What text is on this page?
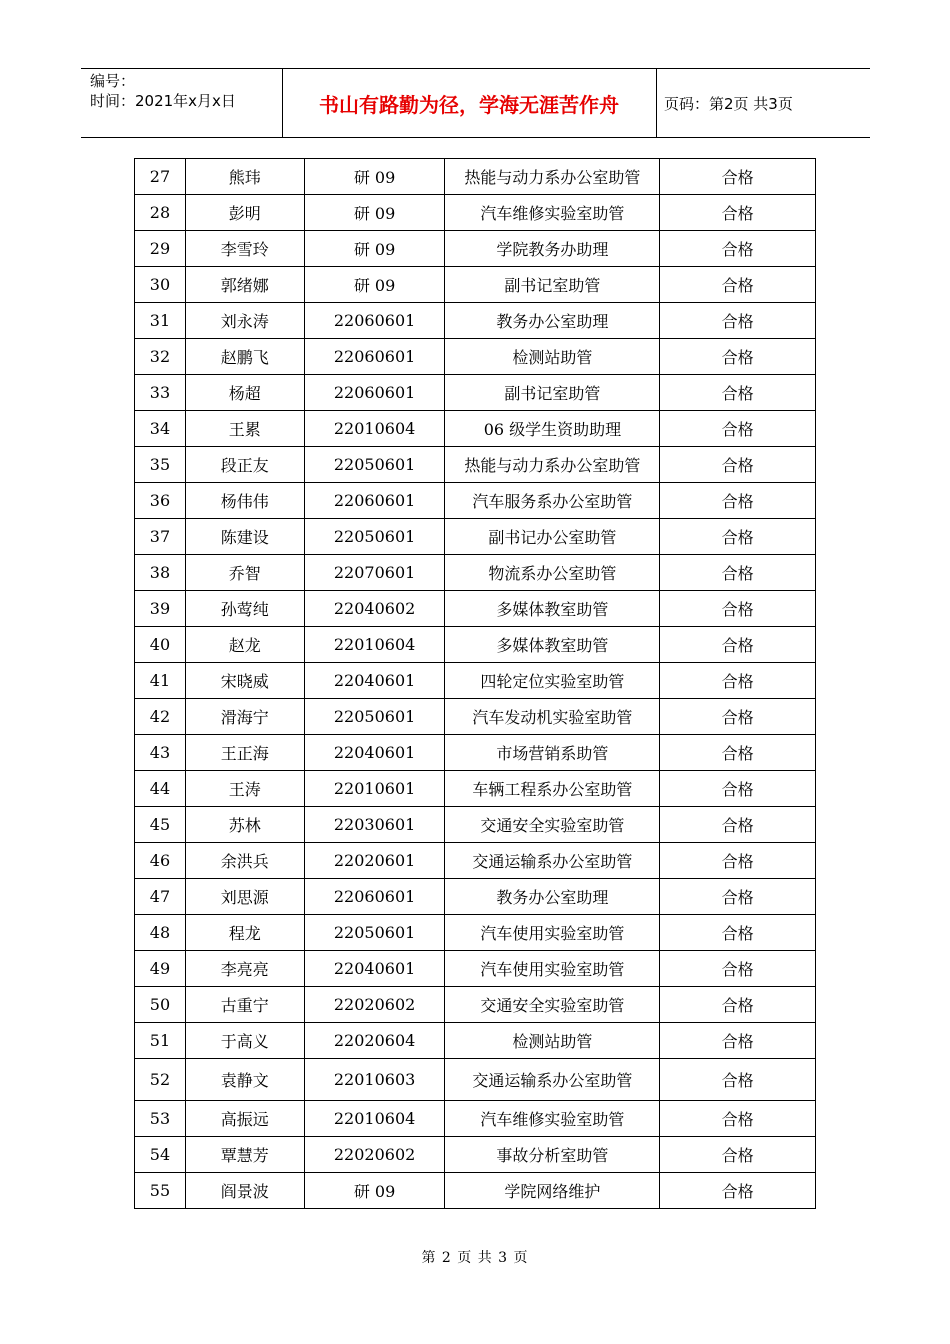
编号：
时间：2021年x月x日	书山有路勤为径，学海无涯苦作舟	页码：第2页 共3页
27	熊玮	研 09	热能与动力系办公室助管	合格
28	彭明	研 09	汽车维修实验室助管	合格
29	李雪玲	研 09	学院教务办助理	合格
30	郭绪娜	研 09	副书记室助管	合格
31	刘永涛	22060601	教务办公室助理	合格
32	赵鹏飞	22060601	检测站助管	合格
33	杨超	22060601	副书记室助管	合格
34	王累	22010604	06 级学生资助助理	合格
35	段正友	22050601	热能与动力系办公室助管	合格
36	杨伟伟	22060601	汽车服务系办公室助管	合格
37	陈建设	22050601	副书记办公室助管	合格
38	乔智	22070601	物流系办公室助管	合格
39	孙莺纯	22040602	多媒体教室助管	合格
40	赵龙	22010604	多媒体教室助管	合格
41	宋晓威	22040601	四轮定位实验室助管	合格
42	滑海宁	22050601	汽车发动机实验室助管	合格
43	王正海	22040601	市场营销系助管	合格
44	王涛	22010601	车辆工程系办公室助管	合格
45	苏林	22030601	交通安全实验室助管	合格
46	余洪兵	22020601	交通运输系办公室助管	合格
47	刘思源	22060601	教务办公室助理	合格
48	程龙	22050601	汽车使用实验室助管	合格
49	李亮亮	22040601	汽车使用实验室助管	合格
50	古重宁	22020602	交通安全实验室助管	合格
51	于高义	22020604	检测站助管	合格
52	袁静文	22010603	交通运输系办公室助管	合格
53	高振远	22010604	汽车维修实验室助管	合格
54	覃慧芳	22020602	事故分析室助管	合格
55	阎景波	研 09	学院网络维护	合格
第 2 页 共 3 页
